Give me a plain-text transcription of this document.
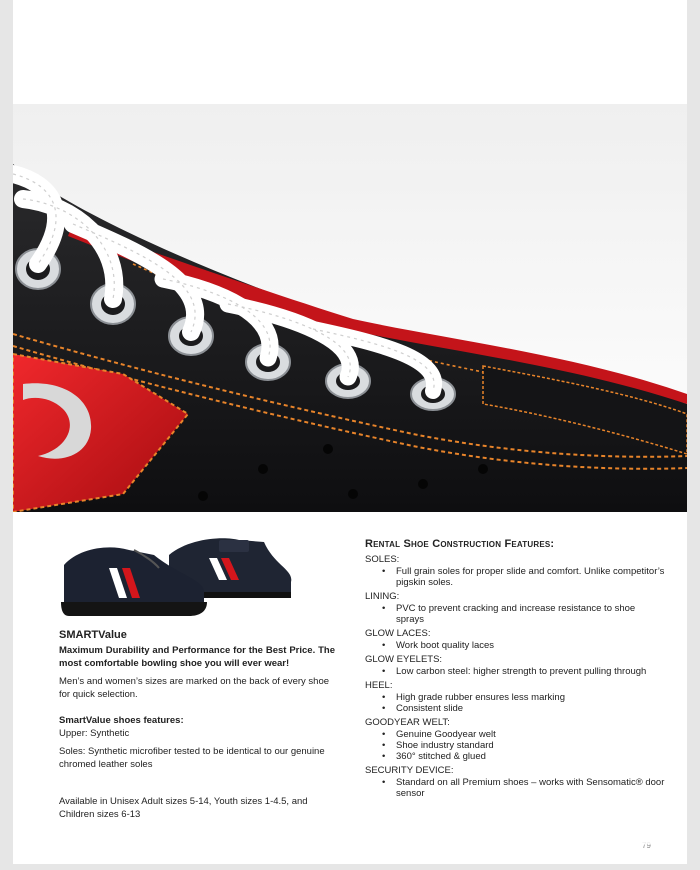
SMARTValue
Maximum Durability and Performance for the Best Price. The most comfortable bowling shoe you will ever wear!
Men’s and women’s sizes are marked on the back of every shoe for quick selection.
SmartValue shoes features:
Upper: Synthetic
Soles: Synthetic microfiber tested to be identical to our genuine chromed leather soles
Available in Unisex Adult sizes 5-14, Youth sizes 1-4.5, and Children sizes 6-13
Rental Shoe Construction Features:
SOLES:
• Full grain soles for proper slide and comfort. Unlike competitor’s pigskin soles.
LINING:
• PVC to prevent cracking and increase resistance to shoe sprays
GLOW LACES:
• Work boot quality laces
GLOW EYELETS:
• Low carbon steel: higher strength to prevent pulling through
HEEL:
• High grade rubber ensures less marking
• Consistent slide
GOODYEAR WELT:
• Genuine Goodyear welt
• Shoe industry standard
• 360° stitched & glued
SECURITY DEVICE:
• Standard on all Premium shoes – works with Sensomatic® door sensor
79
